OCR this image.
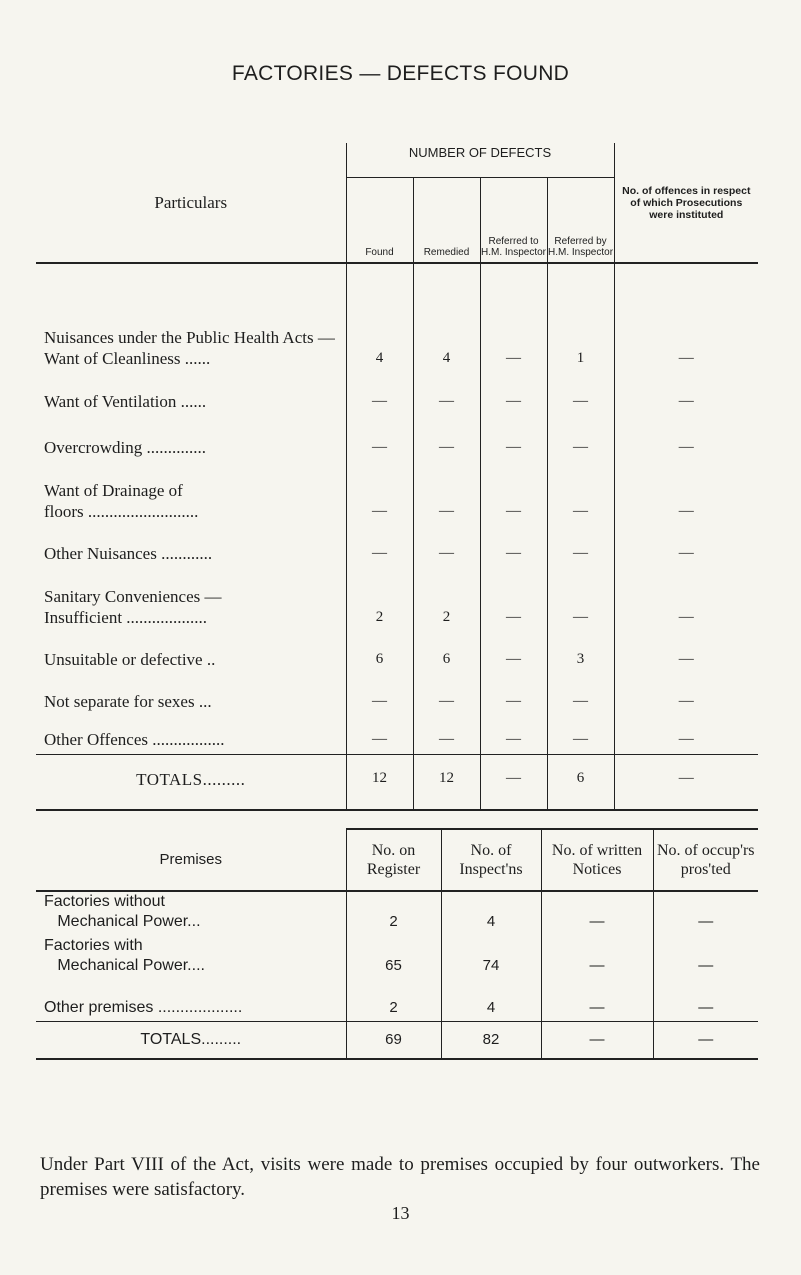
FACTORIES — DEFECTS FOUND
Particulars	NUMBER OF DEFECTS				No. of offences in respect of which Prosecutions were instituted
	Found	Remedied	Referred to H.M. Inspector	Referred by H.M. Inspector	
Nuisances under the Public Health Acts —
Want of Cleanliness ......	4	4	—	1	—
Want of Ventilation ......	—	—	—	—	—
Overcrowding ..............	—	—	—	—	—
Want of Drainage of
floors ..........................	—	—	—	—	—
Other Nuisances ............	—	—	—	—	—
Sanitary Conveniences —
Insufficient ...................	2	2	—	—	—
Unsuitable or defective ..	6	6	—	3	—
Not separate for sexes ...	—	—	—	—	—
Other Offences .................	—	—	—	—	—
TOTALS.........	12	12	—	6	—
Premises	No. on Register	No. of Inspect'ns	No. of written Notices	No. of occup'rs pros'ted
Factories without
Mechanical Power...	2	4	—	—
Factories with
Mechanical Power....	65	74	—	—
Other premises ...................	2	4	—	—
TOTALS.........	69	82	—	—

Under Part VIII of the Act, visits were made to premises occupied by four outworkers. The premises were satisfactory.

13
